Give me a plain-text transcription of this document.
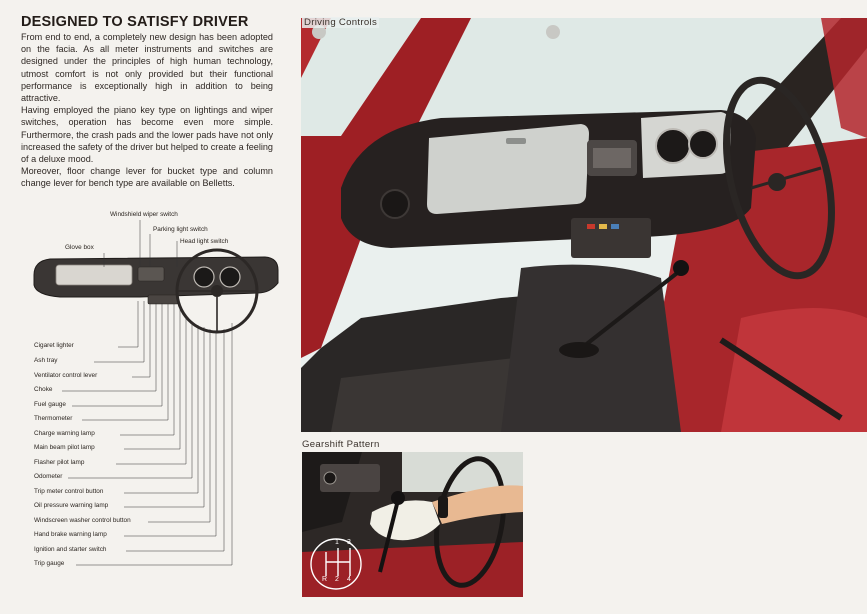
DESIGNED TO SATISFY DRIVER

From end to end, a completely new design has been adopted on the facia. As all meter instruments and switches are designed under the principles of high human technology, utmost comfort is not only provided but their functional performance is exceptionally high in addition to being attractive.

Having employed the piano key type on lightings and wiper switches, operation has become even more simple. Furthermore, the crash pads and the lower pads have not only increased the safety of the driver but helped to create a feeling of a deluxe mood.

Moreover, floor change lever for bucket type and column change lever for bench type are available on Belletts.

Windshield wiper switch
Parking light switch
Head light switch
Glove box
Cigaret lighter
Ash tray
Ventilator control lever
Choke
Fuel gauge
Thermometer
Charge warning lamp
Main beam pilot lamp
Flasher pilot lamp
Odometer
Trip meter control button
Oil pressure warning lamp
Windscreen washer control button
Hand brake warning lamp
Ignition and starter switch
Trip gauge
Driving Controls
Gearshift Pattern
1 3
R 2 4
